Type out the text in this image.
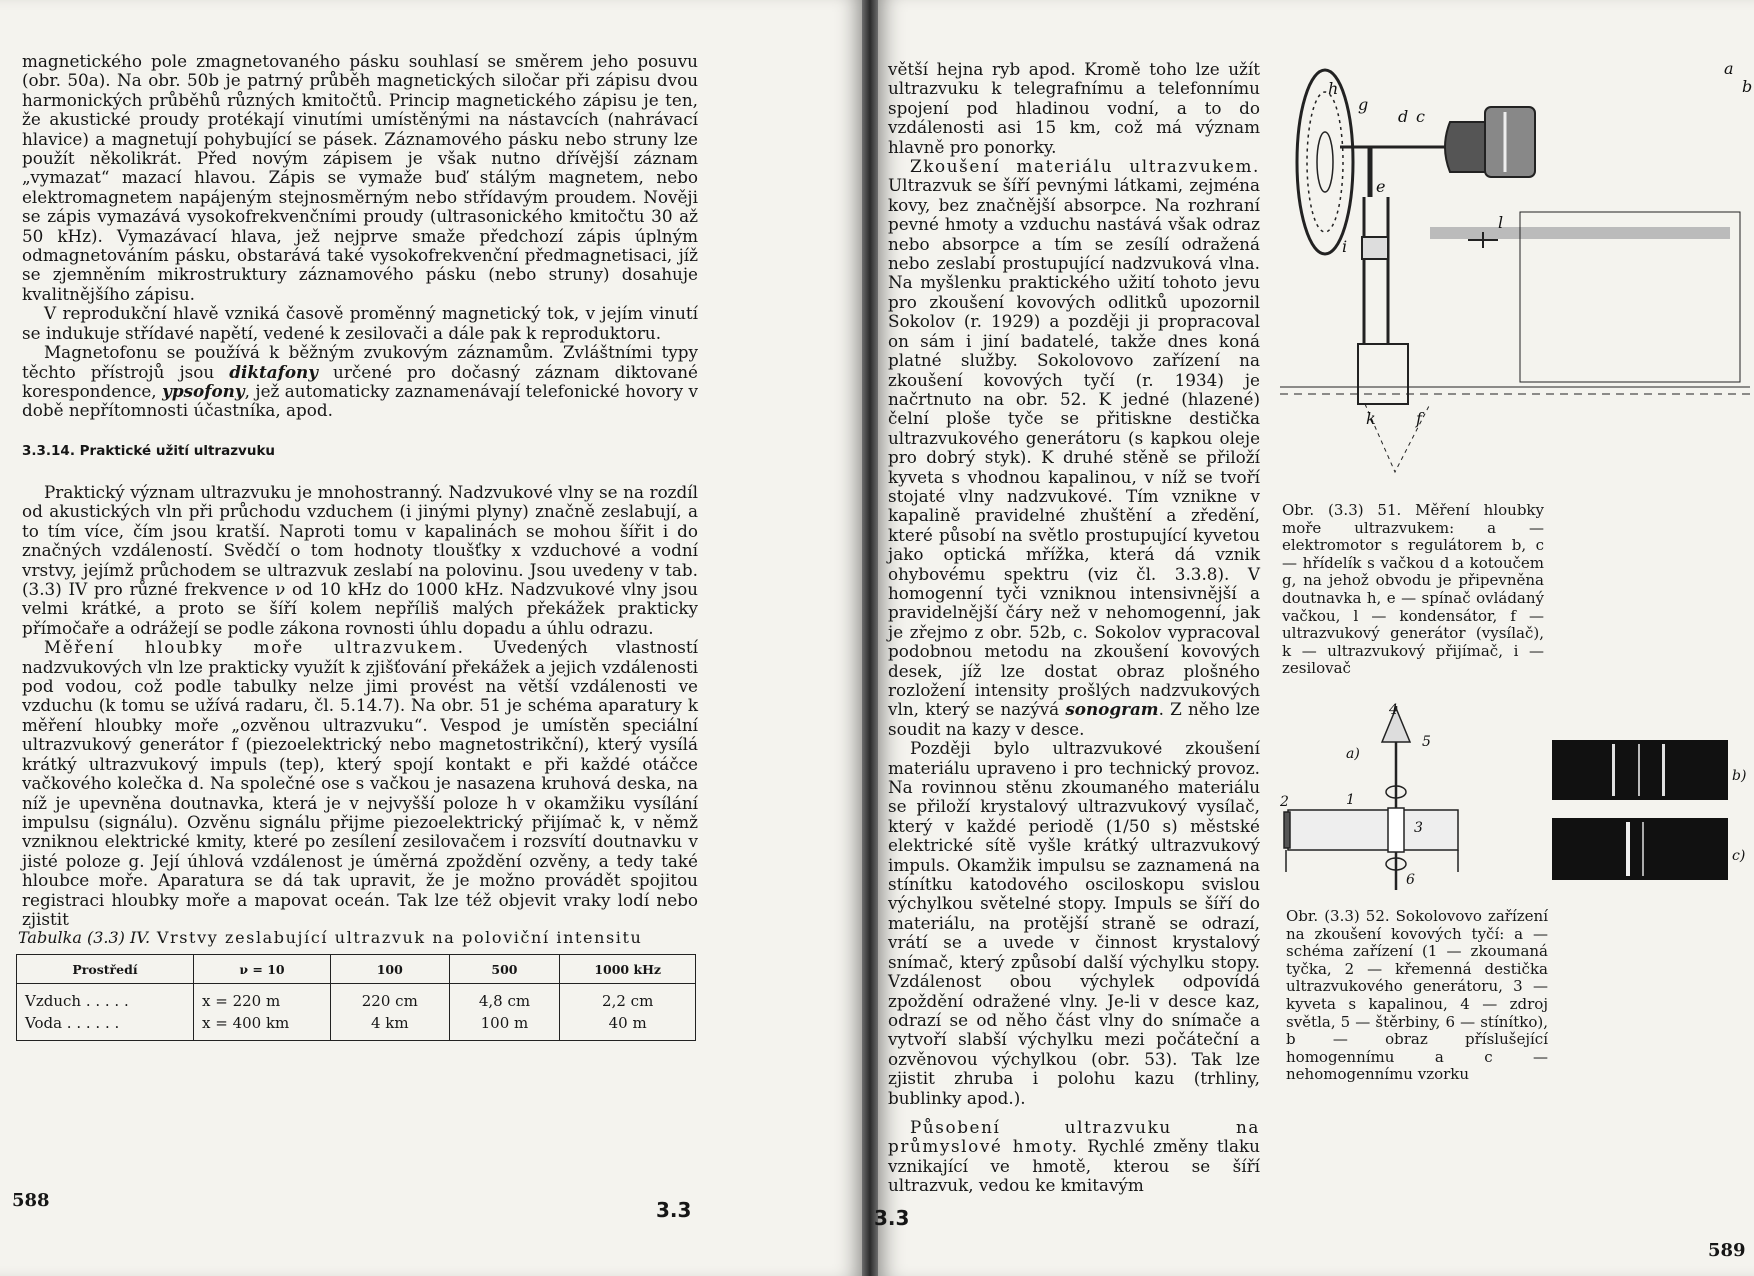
magnetického pole zmagnetovaného pásku souhlasí se směrem jeho posuvu (obr. 50a). Na obr. 50b je patrný průběh magnetických siločar při zápisu dvou harmonických průběhů různých kmitočtů. Princip magnetického zápisu je ten, že akustické proudy protékají vinutími umístěnými na nástavcích (nahrávací hlavice) a magnetují pohybující se pásek. Záznamového pásku nebo struny lze použít několikrát. Před novým zápisem je však nutno dřívější záznam „vymazat“ mazací hlavou. Zápis se vymaže buď stálým magnetem, nebo elektromagnetem napájeným stejnosměrným nebo střídavým proudem. Nověji se zápis vymazává vysokofrekvenčními proudy (ultrasonického kmitočtu 30 až 50 kHz). Vymazávací hlava, jež nejprve smaže předchozí zápis úplným odmagnetováním pásku, obstarává také vysokofrekvenční předmagnetisaci, jíž se zjemněním mikrostruktury záznamového pásku (nebo struny) dosahuje kvalitnějšího zápisu.

V reprodukční hlavě vzniká časově proměnný magnetický tok, v jejím vinutí se indukuje střídavé napětí, vedené k zesilovači a dále pak k reproduktoru.

Magnetofonu se používá k běžným zvukovým záznamům. Zvláštními typy těchto přístrojů jsou diktafony určené pro dočasný záznam diktované korespondence, ypsofony, jež automaticky zaznamenávají telefonické hovory v době nepřítomnosti účastníka, apod.

3.3.14. Praktické užití ultrazvuku

Praktický význam ultrazvuku je mnohostranný. Nadzvukové vlny se na rozdíl od akustických vln při průchodu vzduchem (i jinými plyny) značně zeslabují, a to tím více, čím jsou kratší. Naproti tomu v kapalinách se mohou šířit i do značných vzdáleností. Svědčí o tom hodnoty tloušťky x vzduchové a vodní vrstvy, jejímž průchodem se ultrazvuk zeslabí na polovinu. Jsou uvedeny v tab. (3.3) IV pro různé frekvence ν od 10 kHz do 1000 kHz. Nadzvukové vlny jsou velmi krátké, a proto se šíří kolem nepříliš malých překážek prakticky přímočaře a odrážejí se podle zákona rovnosti úhlu dopadu a úhlu odrazu.

Měření hloubky moře ultrazvukem. Uvedených vlastností nadzvukových vln lze prakticky využít k zjišťování překážek a jejich vzdálenosti pod vodou, což podle tabulky nelze jimi provést na větší vzdálenosti ve vzduchu (k tomu se užívá radaru, čl. 5.14.7). Na obr. 51 je schéma aparatury k měření hloubky moře „ozvěnou ultrazvuku“. Vespod je umístěn speciální ultrazvukový generátor f (piezoelektrický nebo magnetostrikční), který vysílá krátký ultrazvukový impuls (tep), který spojí kontakt e při každé otáčce vačkového kolečka d. Na společné ose s vačkou je nasazena kruhová deska, na níž je upevněna doutnavka, která je v nejvyšší poloze h v okamžiku vysílání impulsu (signálu). Ozvěnu signálu přijme piezoelektrický přijímač k, v němž vzniknou elektrické kmity, které po zesílení zesilovačem i rozsvítí doutnavku v jisté poloze g. Její úhlová vzdálenost je úměrná zpoždění ozvěny, a tedy také hloubce moře. Aparatura se dá tak upravit, že je možno provádět spojitou registraci hloubky moře a mapovat oceán. Tak lze též objevit vraky lodí nebo zjistit

Tabulka (3.3) IV. Vrstvy zeslabující ultrazvuk na poloviční intensitu
Prostředí	ν = 10	100	500	1000 kHz
Vzduch . . . . .	x = 220 m	220 cm	4,8 cm	2,2 cm
Voda . . . . . .	x = 400 km	4 km	100 m	40 m
588	3.3

větší hejna ryb apod. Kromě toho lze užít ultrazvuku k telegrafnímu a telefonnímu spojení pod hladinou vodní, a to do vzdálenosti asi 15 km, což má význam hlavně pro ponorky.

Zkoušení materiálu ultrazvukem. Ultrazvuk se šíří pevnými látkami, zejména kovy, bez značnější absorpce. Na rozhraní pevné hmoty a vzduchu nastává však odraz nebo absorpce a tím se zesílí odražená nebo zeslabí prostupující nadzvuková vlna. Na myšlenku praktického užití tohoto jevu pro zkoušení kovových odlitků upozornil Sokolov (r. 1929) a později ji propracoval on sám i jiní badatelé, takže dnes koná platné služby. Sokolovovo zařízení na zkoušení kovových tyčí (r. 1934) je načrtnuto na obr. 52. K jedné (hlazené) čelní ploše tyče se přitiskne destička ultrazvukového generátoru (s kapkou oleje pro dobrý styk). K druhé stěně se přiloží kyveta s vhodnou kapalinou, v níž se tvoří stojaté vlny nadzvukové. Tím vznikne v kapalině pravidelné zhuštění a zředění, které působí na světlo prostupující kyvetou jako optická mřížka, která dá vznik ohybovému spektru (viz čl. 3.3.8). V homogenní tyči vzniknou intensivnější a pravidelnější čáry než v nehomogenní, jak je zřejmo z obr. 52b, c. Sokolov vypracoval podobnou metodu na zkoušení kovových desek, jíž lze dostat obraz plošného rozložení intensity prošlých nadzvukových vln, který se nazývá sonogram. Z něho lze soudit na kazy v desce.

Později bylo ultrazvukové zkoušení materiálu upraveno i pro technický provoz. Na rovinnou stěnu zkoumaného materiálu se přiloží krystalový ultrazvukový vysílač, který v každé periodě (1/50 s) městské elektrické sítě vyšle krátký ultrazvukový impuls. Okamžik impulsu se zaznamená na stínítku katodového osciloskopu svislou výchylkou světelné stopy. Impuls se šíří do materiálu, na protější straně se odrazí, vrátí se a uvede v činnost krystalový snímač, který způsobí další výchylku stopy. Vzdálenost obou výchylek odpovídá zpoždění odražené vlny. Je-li v desce kaz, odrazí se od něho část vlny do snímače a vytvoří slabší výchylku mezi počáteční a ozvěnovou výchylkou (obr. 53). Tak lze zjistit zhruba i polohu kazu (trhliny, bublinky apod.).

Působení ultrazvuku na průmyslové hmoty. Rychlé změny tlaku vznikající ve hmotě, kterou se šíří ultrazvuk, vedou ke kmitavým

a
b
h
g
d c
e
l
i
k	f
Obr. (3.3) 51. Měření hloubky moře ultrazvukem: a — elektromotor s regulátorem b, c — hřídelík s vačkou d a kotoučem g, na jehož obvodu je připevněna doutnavka h, e — spínač ovládaný vačkou, l — kondensátor, f — ultrazvukový generátor (vysílač), k — ultrazvukový přijímač, i — zesilovač
a)
4
5
1
2
3
6
b)
c)
Obr. (3.3) 52. Sokolovovo zařízení na zkoušení kovových tyčí: a — schéma zařízení (1 — zkoumaná tyčka, 2 — křemenná destička ultrazvukového generátoru, 3 — kyveta s kapalinou, 4 — zdroj světla, 5 — štěrbiny, 6 — stínítko), b — obraz příslušející homogennímu a c — nehomogennímu vzorku
3.3
589
